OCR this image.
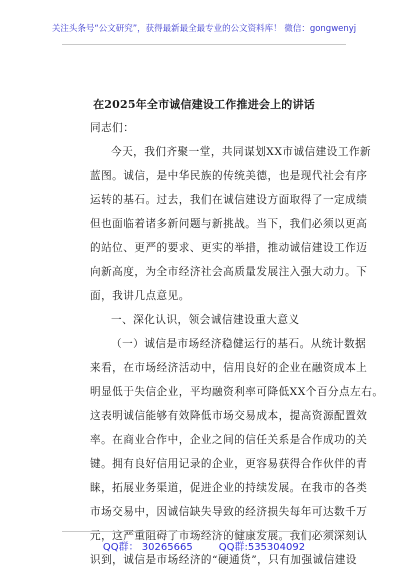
关注头条号“公文研究”，获得最新最全最专业的公文资料库！ 微信：gongwenyj
在2025年全市诚信建设工作推进会上的讲话
同志们：
今天，我们齐聚一堂，共同谋划XX市诚信建设工作新
蓝图。诚信，是中华民族的传统美德，也是现代社会有序
运转的基石。过去，我们在诚信建设方面取得了一定成绩
但也面临着诸多新问题与新挑战。当下，我们必须以更高
的站位、更严的要求、更实的举措，推动诚信建设工作迈
向新高度，为全市经济社会高质量发展注入强大动力。下
面，我讲几点意见。
一、深化认识，领会诚信建设重大意义
（一）诚信是市场经济稳健运行的基石。从统计数据
来看，在市场经济活动中，信用良好的企业在融资成本上
明显低于失信企业，平均融资利率可降低XX个百分点左右。
这表明诚信能够有效降低市场交易成本，提高资源配置效
率。在商业合作中，企业之间的信任关系是合作成功的关
键。拥有良好信用记录的企业，更容易获得合作伙伴的青
睐，拓展业务渠道，促进企业的持续发展。在我市的各类
市场交易中，因诚信缺失导致的经济损失每年可达数千万
元，这严重阻碍了市场经济的健康发展。我们必须深刻认
识到，诚信是市场经济的“硬通货”，只有加强诚信建设
QQ群： 30265665	QQ群:535304092
